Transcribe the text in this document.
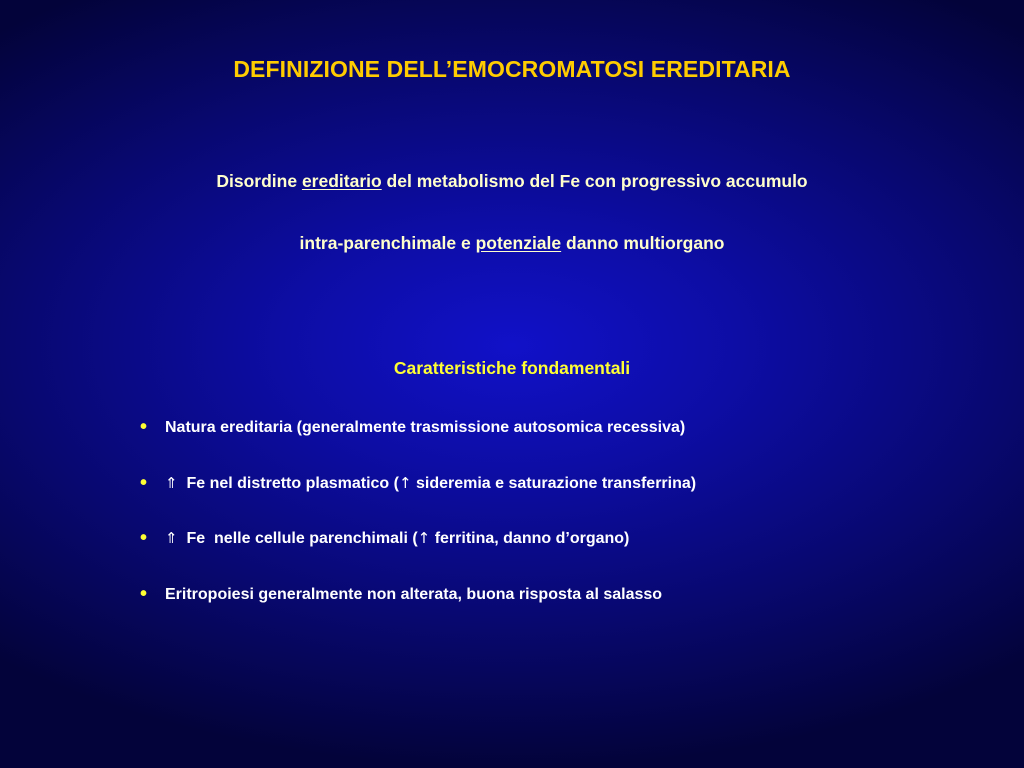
DEFINIZIONE DELL’EMOCROMATOSI EREDITARIA
Disordine ereditario del metabolismo del Fe con progressivo accumulo
intra-parenchimale e potenziale danno multiorgano
Caratteristiche fondamentali
• Natura ereditaria (generalmente trasmissione autosomica recessiva)
• ⇑  Fe nel distretto plasmatico (↑ sideremia e saturazione transferrina)
• ⇑  Fe  nelle cellule parenchimali (↑ ferritina, danno d’organo)
• Eritropoiesi generalmente non alterata, buona risposta al salasso
